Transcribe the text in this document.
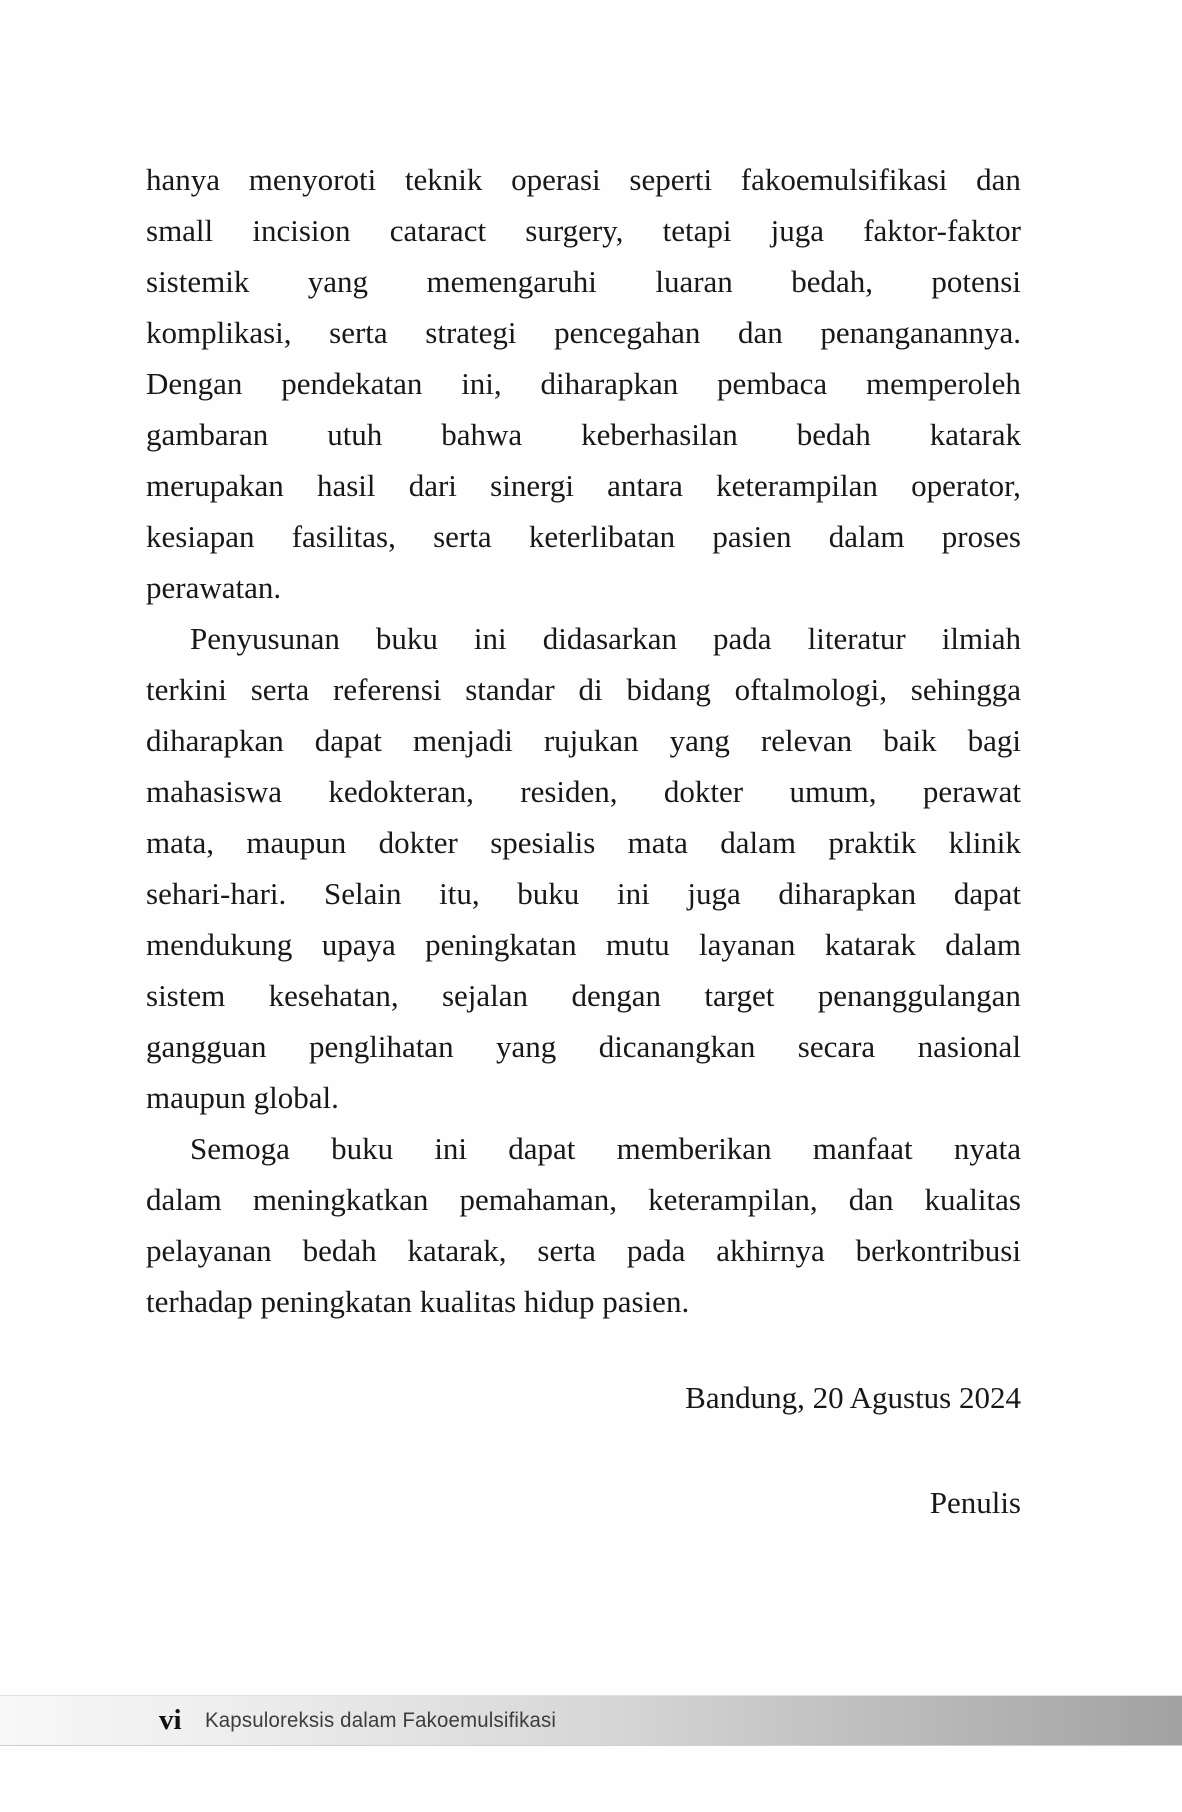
hanya menyoroti teknik operasi seperti fakoemulsifikasi dan
small incision cataract surgery, tetapi juga faktor-faktor
sistemik yang memengaruhi luaran bedah, potensi
komplikasi, serta strategi pencegahan dan penanganannya.
Dengan pendekatan ini, diharapkan pembaca memperoleh
gambaran utuh bahwa keberhasilan bedah katarak
merupakan hasil dari sinergi antara keterampilan operator,
kesiapan fasilitas, serta keterlibatan pasien dalam proses
perawatan.
Penyusunan buku ini didasarkan pada literatur ilmiah
terkini serta referensi standar di bidang oftalmologi, sehingga
diharapkan dapat menjadi rujukan yang relevan baik bagi
mahasiswa kedokteran, residen, dokter umum, perawat
mata, maupun dokter spesialis mata dalam praktik klinik
sehari-hari. Selain itu, buku ini juga diharapkan dapat
mendukung upaya peningkatan mutu layanan katarak dalam
sistem kesehatan, sejalan dengan target penanggulangan
gangguan penglihatan yang dicanangkan secara nasional
maupun global.
Semoga buku ini dapat memberikan manfaat nyata
dalam meningkatkan pemahaman, keterampilan, dan kualitas
pelayanan bedah katarak, serta pada akhirnya berkontribusi
terhadap peningkatan kualitas hidup pasien.
Bandung, 20 Agustus 2024
Penulis
vi Kapsuloreksis dalam Fakoemulsifikasi
